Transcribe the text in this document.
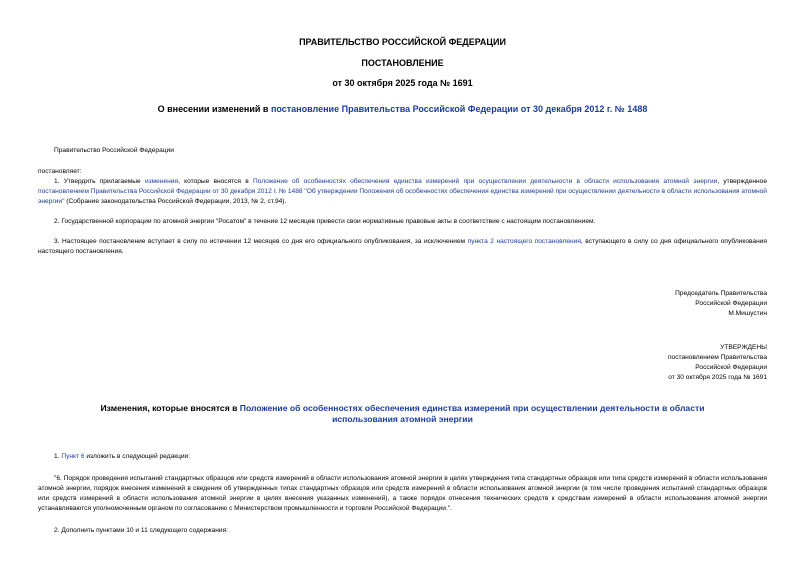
ПРАВИТЕЛЬСТВО РОССИЙСКОЙ ФЕДЕРАЦИИ
ПОСТАНОВЛЕНИЕ
от 30 октября 2025 года № 1691
О внесении изменений в постановление Правительства Российской Федерации от 30 декабря 2012 г. № 1488
Правительство Российской Федерации
постановляет:
1. Утвердить прилагаемые изменения, которые вносятся в Положение об особенностях обеспечения единства измерений при осуществлении деятельности в области использования атомной энергии, утвержденное постановлением Правительства Российской Федерации от 30 декабря 2012 г. № 1488 "Об утверждении Положения об особенностях обеспечения единства измерений при осуществлении деятельности в области использования атомной энергии" (Собрание законодательства Российской Федерации, 2013, № 2, ст.94).
2. Государственной корпорации по атомной энергии "Росатом" в течение 12 месяцев привести свои нормативные правовые акты в соответствие с настоящим постановлением.
3. Настоящее постановление вступает в силу по истечении 12 месяцев со дня его официального опубликования, за исключением пункта 2 настоящего постановления, вступающего в силу со дня официального опубликования настоящего постановления.
Председатель Правительства
Российской Федерации
М.Мишустин
УТВЕРЖДЕНЫ
постановлением Правительства
Российской Федерации
от 30 октября 2025 года № 1691
Изменения, которые вносятся в Положение об особенностях обеспечения единства измерений при осуществлении деятельности в области использования атомной энергии
1. Пункт 6 изложить в следующей редакции:
"6. Порядок проведения испытаний стандартных образцов или средств измерений в области использования атомной энергии в целях утверждения типа стандартных образцов или типа средств измерений в области использования атомной энергии, порядок внесения изменений в сведения об утвержденных типах стандартных образцов или средств измерений в области использования атомной энергии (в том числе проведения испытаний стандартных образцов или средств измерений в области использования атомной энергии в целях внесения указанных изменений), а также порядок отнесения технических средств к средствам измерений в области использования атомной энергии устанавливаются уполномоченным органом по согласованию с Министерством промышленности и торговли Российской Федерации.".
2. Дополнить пунктами 10 и 11 следующего содержания:
